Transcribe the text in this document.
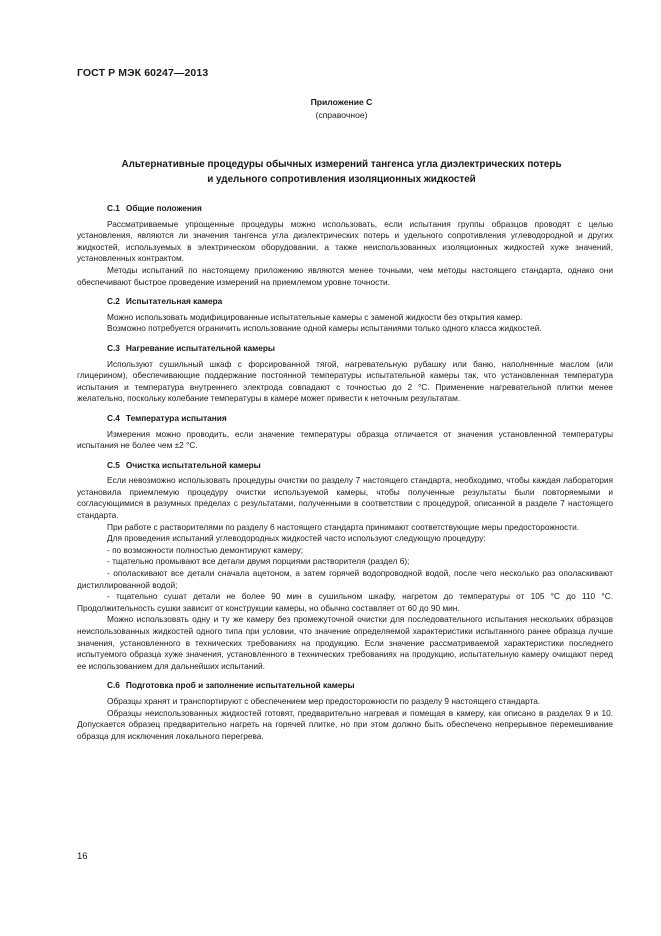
ГОСТ Р МЭК 60247—2013
Приложение С
(справочное)
Альтернативные процедуры обычных измерений тангенса угла диэлектрических потерь
и удельного сопротивления изоляционных жидкостей
С.1 Общие положения

Рассматриваемые упрощенные процедуры можно использовать, если испытания группы образцов проводят с целью установления, являются ли значения тангенса угла диэлектрических потерь и удельного сопротивления углеводородной и других жидкостей, используемых в электрическом оборудовании, а также неиспользованных изоляционных жидкостей хуже значений, установленных контрактом.

Методы испытаний по настоящему приложению являются менее точными, чем методы настоящего стандарта, однако они обеспечивают быстрое проведение измерений на приемлемом уровне точности.

С.2 Испытательная камера

Можно использовать модифицированные испытательные камеры с заменой жидкости без открытия камер.

Возможно потребуется ограничить использование одной камеры испытаниями только одного класса жидкостей.

С.3 Нагревание испытательной камеры

Используют сушильный шкаф с форсированной тягой, нагревательную рубашку или баню, наполненные маслом (или глицерином), обеспечивающие поддержание постоянной температуры испытательной камеры так, что установленная температура испытания и температура внутреннего электрода совпадают с точностью до 2 °С. Применение нагревательной плитки менее желательно, поскольку колебание температуры в камере может привести к неточным результатам.

С.4 Температура испытания

Измерения можно проводить, если значение температуры образца отличается от значения установленной температуры испытания не более чем ±2 °С.

С.5 Очистка испытательной камеры

Если невозможно использовать процедуры очистки по разделу 7 настоящего стандарта, необходимо, чтобы каждая лаборатория установила приемлемую процедуру очистки используемой камеры, чтобы полученные результаты были повторяемыми и согласующимися в разумных пределах с результатами, полученными в соответствии с процедурой, описанной в разделе 7 настоящего стандарта.

При работе с растворителями по разделу 6 настоящего стандарта принимают соответствующие меры предосторожности.

Для проведения испытаний углеводородных жидкостей часто используют следующую процедуру:

- по возможности полностью демонтируют камеру;

- тщательно промывают все детали двумя порциями растворителя (раздел 6);

- ополаскивают все детали сначала ацетоном, а затем горячей водопроводной водой, после чего несколько раз ополаскивают дистиллированной водой;

- тщательно сушат детали не более 90 мин в сушильном шкафу, нагретом до температуры от 105 °С до 110 °С. Продолжительность сушки зависит от конструкции камеры, но обычно составляет от 60 до 90 мин.

Можно использовать одну и ту же камеру без промежуточной очистки для последовательного испытания нескольких образцов неиспользованных жидкостей одного типа при условии, что значение определяемой характеристики испытанного ранее образца лучше значения, установленного в технических требованиях на продукцию. Если значение рассматриваемой характеристики последнего испытуемого образца хуже значения, установленного в технических требованиях на продукцию, испытательную камеру очищают перед ее использованием для дальнейших испытаний.

С.6 Подготовка проб и заполнение испытательной камеры

Образцы хранят и транспортируют с обеспечением мер предосторожности по разделу 9 настоящего стандарта.

Образцы неиспользованных жидкостей готовят, предварительно нагревая и помещая в камеру, как описано в разделах 9 и 10. Допускается образец предварительно нагреть на горячей плитке, но при этом должно быть обеспечено непрерывное перемешивание образца для исключения локального перегрева.

16
